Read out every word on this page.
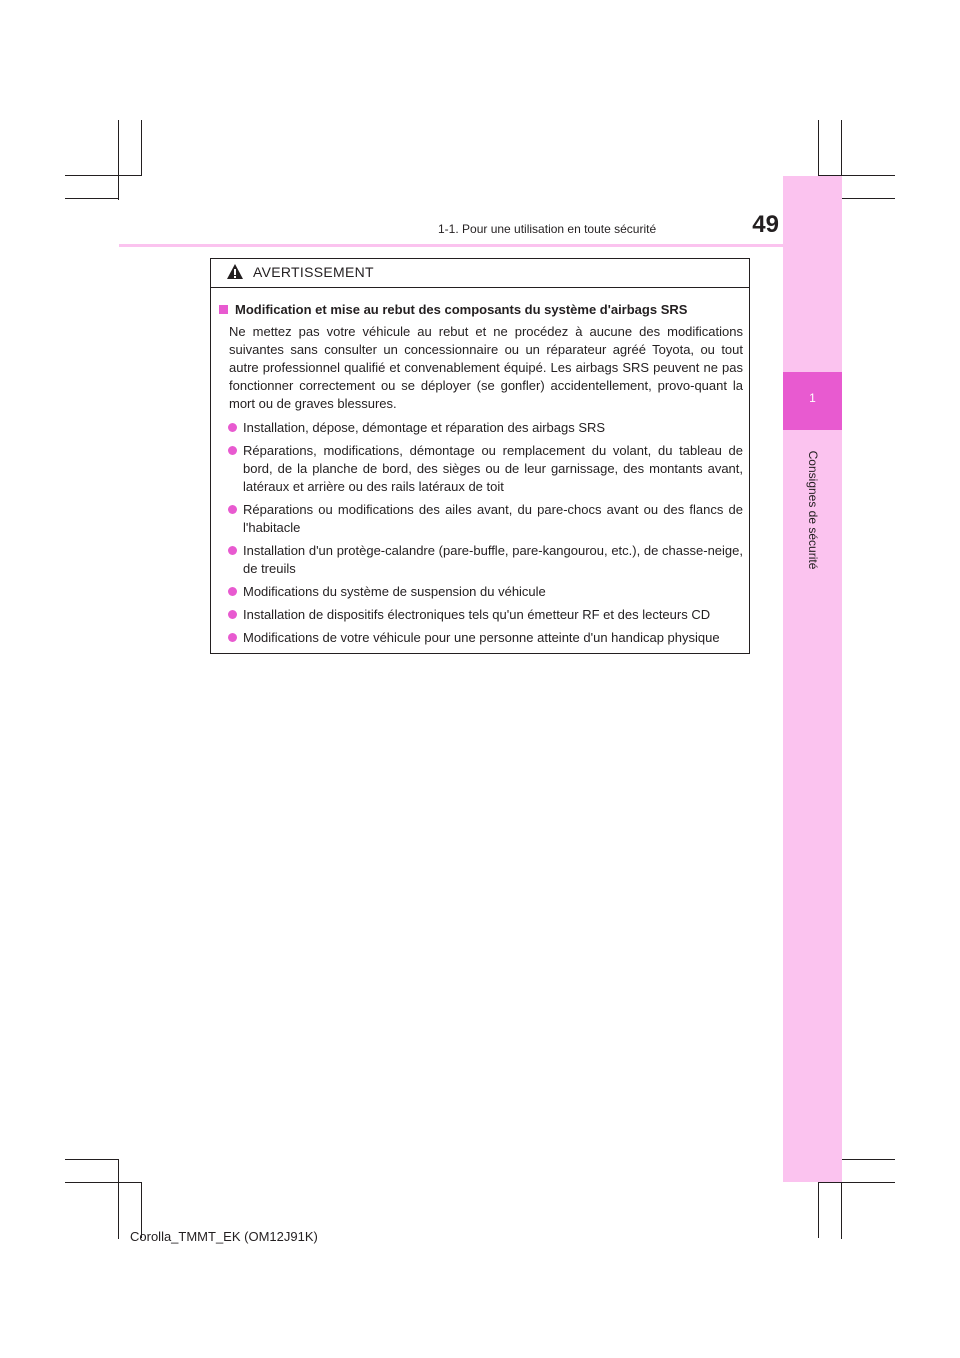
1
Consignes de sécurité
1-1. Pour une utilisation en toute sécurité	49
AVERTISSEMENT
Modification et mise au rebut des composants du système d'airbags SRS

Ne mettez pas votre véhicule au rebut et ne procédez à aucune des modifications suivantes sans consulter un concessionnaire ou un réparateur agréé Toyota, ou tout autre professionnel qualifié et convenablement équipé. Les airbags SRS peuvent ne pas fonctionner correctement ou se déployer (se gonfler) accidentellement, provo-quant la mort ou de graves blessures.

Installation, dépose, démontage et réparation des airbags SRS
Réparations, modifications, démontage ou remplacement du volant, du tableau de bord, de la planche de bord, des sièges ou de leur garnissage, des montants avant, latéraux et arrière ou des rails latéraux de toit
Réparations ou modifications des ailes avant, du pare-chocs avant ou des flancs de l'habitacle
Installation d'un protège-calandre (pare-buffle, pare-kangourou, etc.), de chasse-neige, de treuils
Modifications du système de suspension du véhicule
Installation de dispositifs électroniques tels qu'un émetteur RF et des lecteurs CD
Modifications de votre véhicule pour une personne atteinte d'un handicap physique
Corolla_TMMT_EK (OM12J91K)
